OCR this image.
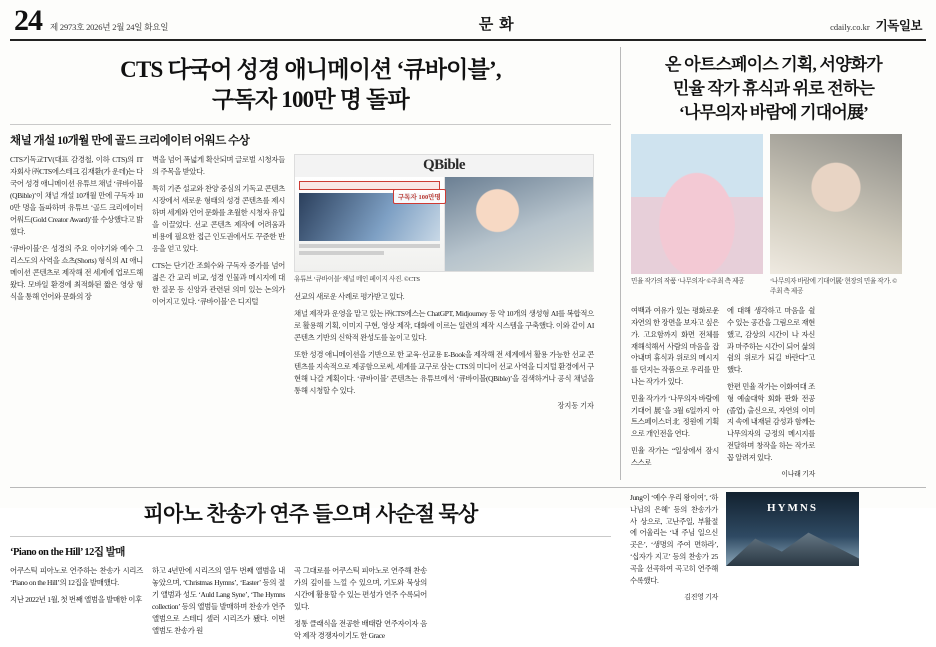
24 제 2973호 2026년 2월 24일 화요일	문화	cdaily.co.kr 기독일보
CTS 다국어 성경 애니메이션 ‘큐바이블’,
구독자 100만 명 돌파
채널 개설 10개월 만에 골드 크리에이터 어워드 수상

CTS기독교TV(대표 감경철, 이하 CTS)의 IT 자회사 ㈜CTS에스테크 김재환(가 운데)는 다국어 성경 애니메이션 유튜브 채널 ‘큐바이블(QBible)’이 채널 개설 10개월 만에 구독자 100만 명을 돌파하며 유튜브 ‘골드 크리에이터 어워드(Gold Creator Award)’를 수상했다고 밝혔다.

‘큐바이블’은 성경의 주요 이야기와 예수 그리스도의 사역을 쇼츠(Shorts) 형식의 AI 애니메이션 콘텐츠로 제작해 전 세계에 업로드해 왔다. 모바일 환경에 최적화된 짧은 영상 형식을 통해 언어와 문화의 장

벽을 넘어 폭넓게 확산되며 글로벌 시청자들의 주목을 받았다.

특히 기존 설교와 찬양 중심의 기독교 콘텐츠 시장에서 새로운 형태의 성경 콘텐츠를 제시하며 세계와 언어 문화를 초월한 시청자 유입을 이끌었다. 선교 콘텐츠 제작에 어려움과 비용에 필요한 접근 인도권에서도 꾸준한 반응을 얻고 있다.

CTS는 단기간 조회수와 구독자 증가를 넘어 젊은 간 교리 비교, 성경 인물과 메시지에 대한 질문 등 신앙과 관련된 의미 있는 논의가 이어지고 있다. ‘큐바이블’은 디지털

QBible
구독자 100만명
유튜브 ‘큐바이블’ 채널 메인 페이지 사진. ©CTS

선교의 새로운 사례로 평가받고 있다.

채널 제작과 운영을 맡고 있는 ㈜CTS에스는 ChatGPT, Midjourney 등 약 10개의 생성형 AI를 복합적으로 활용해 기획, 이미지 구현, 영상 제작, 대화에 이르는 일련의 제작 시스템을 구축했다. 이와 같이 AI 콘텐츠 기반의 신학적 완성도를 높이고 있다.

또한 성경 애니메이션을 기반으로 한 교육·선교용 E-Book을 제작해 전 세계에서 활용 가능한 선교 콘텐츠를 지속적으로 제공함으로써, 세계를 교구로 삼는 CTS의 미디어 선교 사역을 디지털 환경에서 구현해 나갈 계획이다. ‘큐바이블’ 콘텐츠는 유튜브에서 ‘큐바이블(QBible)’을 검색하거나 공식 채널을 통해 시청할 수 있다.

장지동 기자
온 아트스페이스 기획, 서양화가
민율 작가 휴식과 위로 전하는
‘나무의자 바람에 기대어展’
민율 작가의 작품 ‘나무의자’ ©주최 측 제공	‘나무의자 바람에 기대어展’ 현장의 민율 작가. ©주최 측 제공

여백과 여유가 있는 평화로운 자연의 한 장면을 보자고 싶은가. 고요함까지 화면 전체를 재해석해서 사람의 마음을 잡아내며 휴식과 위로의 메시지를 던지는 작품으로 우리를 만나는 작가가 있다.

민율 작가가 ‘나무의자 바람에 기대어 展’을 3월 6일까지 아트스페이스더北 정원에 기획으로 개인전을 연다.

민율 작가는 “일상에서 잠시 스스로

에 대해 생각하고 마음을 쉴 수 있는 공간을 그림으로 재현했고, 감상의 시간이 나 자신과 마주하는 시간이 되어 삶의 쉼의 위로가 되길 바란다”고 했다.

한편 민율 작가는 이화여대 조형 예술대학 회화 판화 전공(졸업) 출신으로, 자연의 이미지 속에 내재된 감성과 함께는 나무의자의 긍정의 메시지를 전달하며 창작을 하는 작가로 꼽 알려져 있다.

이나래 기자
피아노 찬송가 연주 들으며 사순절 묵상
‘Piano on the Hill’ 12집 발매

어쿠스틱 피아노로 연주하는 찬송가 시리즈 ‘Piano on the Hill’의 12집을 발매했다.

지난 2022년 1월, 첫 번째 앨범을 발매한 이후

하고 4년만에 시리즈의 열두 번째 앨범을 내놓았으며, ‘Christmas Hymns’, ‘Easter’ 등의 절기 앨범과 성도 ‘Auld Lang Syne’, ‘The Hymns collection’ 등의 앨범들 발매하며 찬송가 연주 앨범으로 스테디 셀러 시리즈가 됐다. 이번 앨범도 찬송가 원

곡 그대로를 어쿠스틱 피아노로 연주해 찬송가의 깊이를 느낄 수 있으며, 기도와 묵상의 시간에 활용할 수 있는 편성가 연주 수록되어 있다.

정통 클래식을 전공한 배태람 연주자이자 음악 제작 경쟁자이기도 한 Grace

Jung이 ‘예수 우리 왕이여’, ‘하나님의 은혜’ 등의 찬송가가 사 상으로, 고난주일, 부활절에 어울리는 ‘내 주님 일으신 곳은’, ‘생명의 주여 면하라’, ‘십자가 지고’ 등의 찬송가 25곡을 선곡하여 곡고히 연주해 수록했다.

김진영 기자
HYMNS
